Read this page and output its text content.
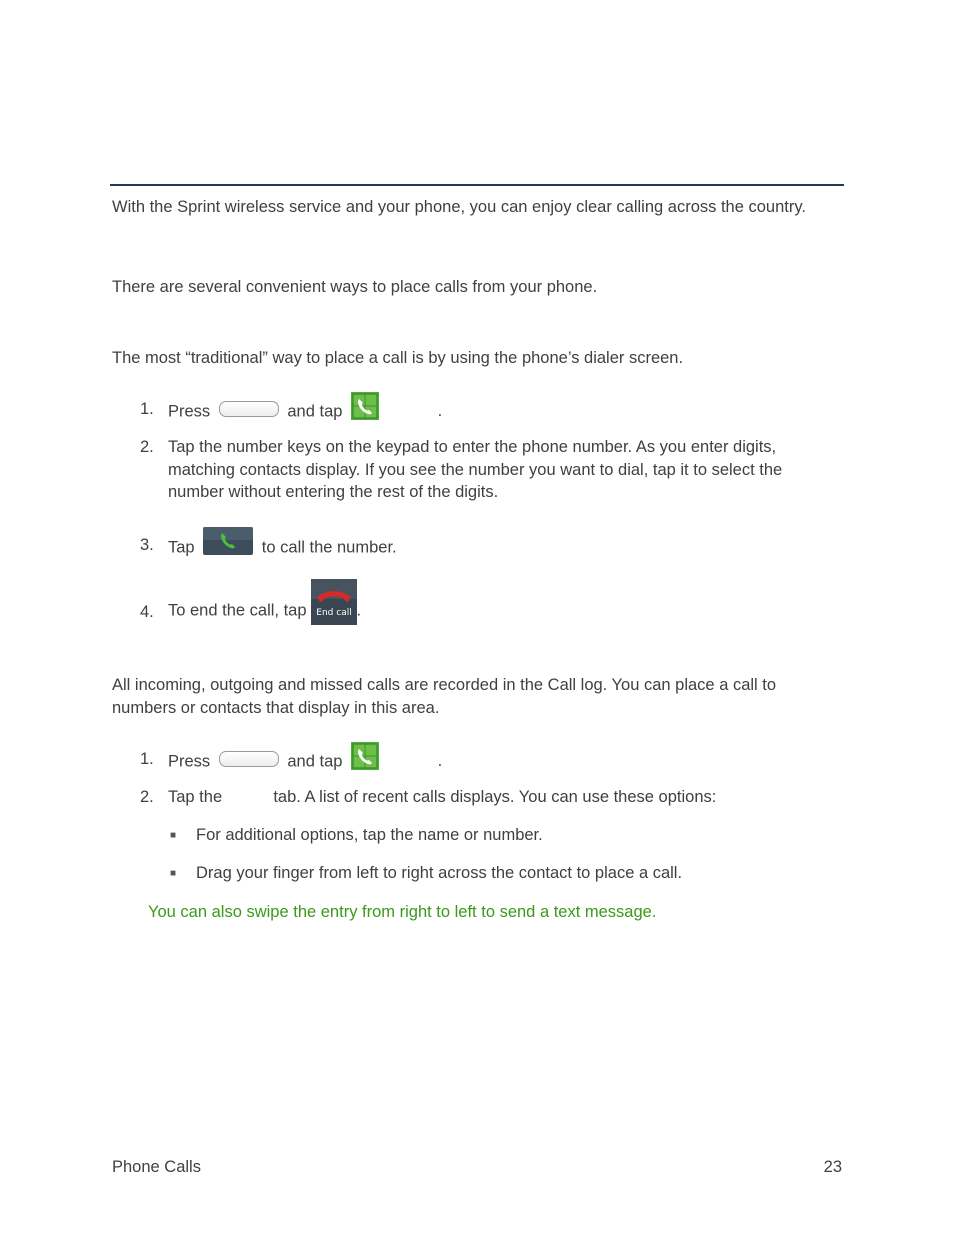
With the Sprint wireless service and your phone, you can enjoy clear calling across the country.
There are several convenient ways to place calls from your phone.
The most “traditional” way to place a call is by using the phone’s dialer screen.
1. Press	and tap	.
2. Tap the number keys on the keypad to enter the phone number. As you enter digits, matching contacts display. If you see the number you want to dial, tap it to select the number without entering the rest of the digits.
3. Tap	to call the number.
4. To end the call, tap End call .
All incoming, outgoing and missed calls are recorded in the Call log. You can place a call to numbers or contacts that display in this area.
1. Press	and tap	.
2. Tap the	tab. A list of recent calls displays. You can use these options:
■ For additional options, tap the name or number.
■ Drag your finger from left to right across the contact to place a call.
You can also swipe the entry from right to left to send a text message.
Phone Calls	23
